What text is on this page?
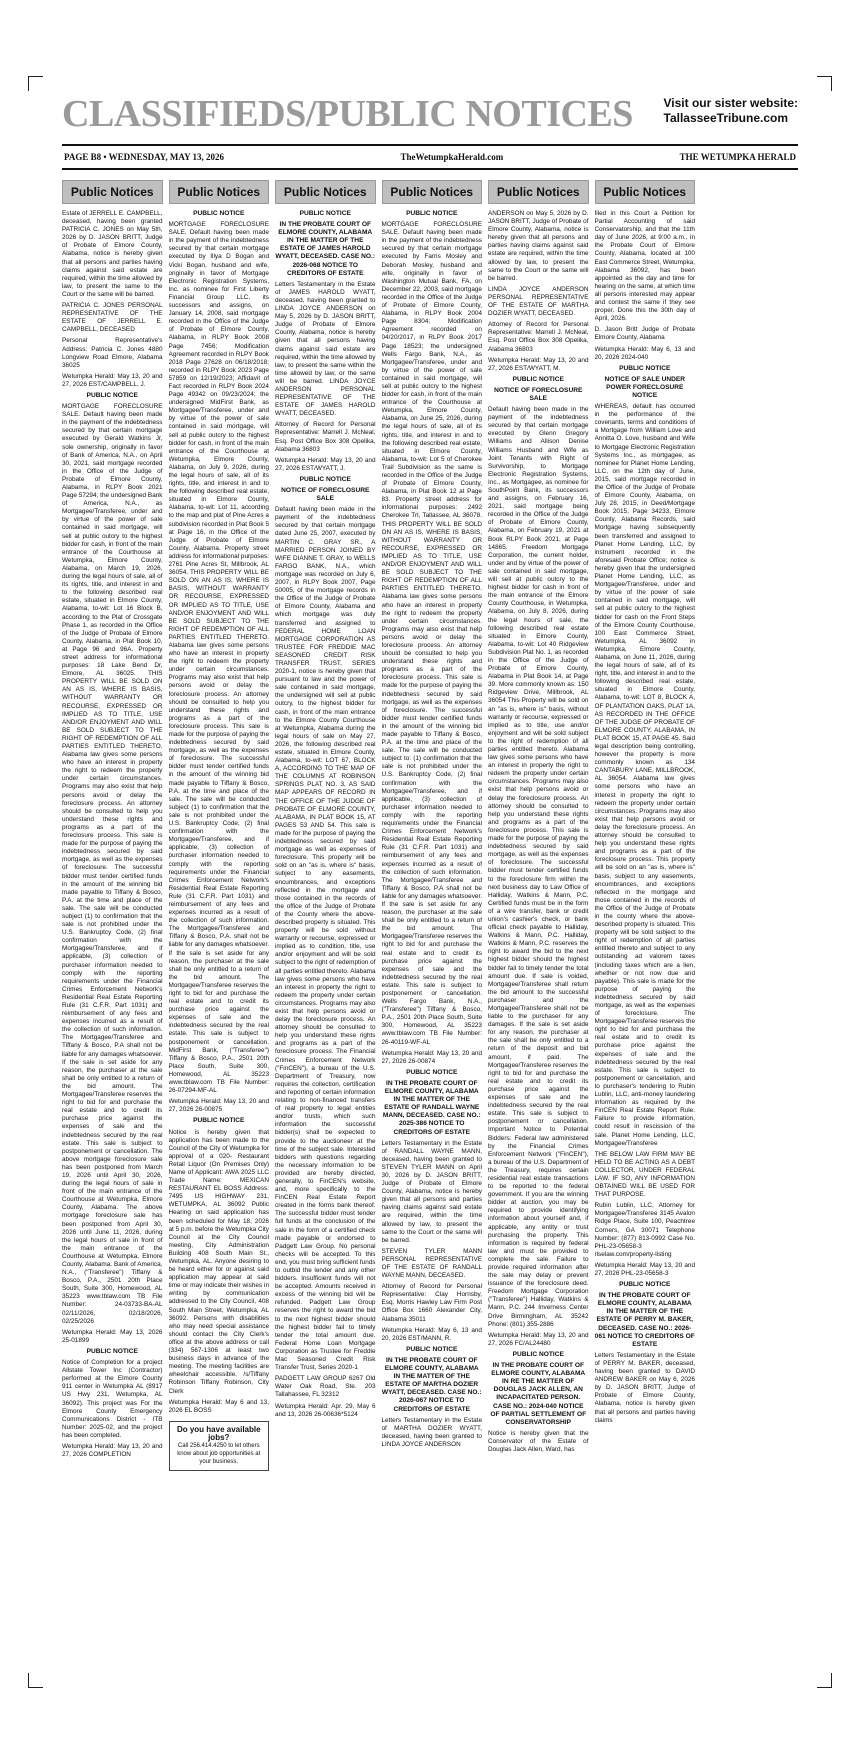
CLASSIFIEDS/PUBLIC NOTICES	Visit our sister website:
TallasseeTribune.com
PAGE B8 • WEDNESDAY, MAY 13, 2026	TheWetumpkaHerald.com	THE WETUMPKA HERALD
Public Notices

Estate of JERRELL E. CAMPBELL, deceased, having been granted PATRICIA C. JONES on May 5th, 2026 by D. JASON BRITT, Judge of Probate of Elmore County, Alabama, notice is hereby given that all persons and parties having claims against said estate are required, within the time allowed by law, to present the same to the Court or the same will be barred.

PATRICIA C. JONES PERSONAL REPRESENTATIVE OF THE ESTATE OF JERRELL E. CAMPBELL, DECEASED

Personal Representative's Address: Patricia C. Jones 4880 Longview Road Elmore, Alabama 36025

Wetumpka Herald: May 13, 20 and 27, 2026 EST/CAMPBELL, J.

PUBLIC NOTICE

MORTGAGE FORECLOSURE SALE. Default having been made in the payment of the indebtedness secured by that certain mortgage executed by Gerald Watkins Jr, sole ownership, originally in favor of Bank of America, N.A., on April 30, 2021, said mortgage recorded in the Office of the Judge of Probate of Elmore County, Alabama, in RLPY Book 2021 Page 57294; the undersigned Bank of America, N.A., as Mortgagee/Transferee, under and by virtue of the power of sale contained in said mortgage, will sell at public outcry to the highest bidder for cash, in front of the main entrance of the Courthouse at Wetumpka, Elmore County, Alabama, on March 19, 2026, during the legal hours of sale, all of its rights, title, and interest in and to the following described real estate, situated in Elmore County, Alabama, to-wit: Lot 16 Block B, according to the Plat of Crossgate Phase 1, as recorded in the Office of the Judge of Probate of Elmore County, Alabama, in Plat Book 10, at Page 96 and 96A. Property street address for informational purposes: 18 Lake Bend Dr, Elmore, AL 36025. THIS PROPERTY WILL BE SOLD ON AN AS IS, WHERE IS BASIS, WITHOUT WARRANTY OR RECOURSE, EXPRESSED OR IMPLIED AS TO TITLE, USE AND/OR ENJOYMENT AND WILL BE SOLD SUBJECT TO THE RIGHT OF REDEMPTION OF ALL PARTIES ENTITLED THERETO. Alabama law gives some persons who have an interest in property the right to redeem the property under certain circumstances. Programs may also exist that help persons avoid or delay the foreclosure process. An attorney should be consulted to help you understand these rights and programs as a part of the foreclosure process. This sale is made for the purpose of paying the indebtedness secured by said mortgage, as well as the expenses of foreclosure. The successful bidder must tender certified funds in the amount of the winning bid made payable to Tiffany & Bosco, P.A. at the time and place of the sale. The sale will be conducted subject (1) to confirmation that the sale is not prohibited under the U.S. Bankruptcy Code, (2) final confirmation with the Mortgagee/Transferee, and if applicable, (3) collection of purchaser information needed to comply with the reporting requirements under the Financial Crimes Enforcement Network's Residential Real Estate Reporting Rule (31 C.F.R. Part 1031) and reimbursement of any fees and expenses incurred as a result of the collection of such information. The Mortgagee/Transferee and Tiffany & Bosco, P.A shall not be liable for any damages whatsoever. If the sale is set aside for any reason, the purchaser at the sale shall be only entitled to a return of the bid amount. The Mortgagee/Transferee reserves the right to bid for and purchase the real estate and to credit its purchase price against the expenses of sale and the indebtedness secured by the real estate. This sale is subject to postponement or cancellation. The above mortgage foreclosure sale has been postponed from March 19, 2026 until April 30, 2026, during the legal hours of sale in front of the main entrance of the Courthouse at Wetumpka, Elmore County, Alabama. The above mortgage foreclosure sale has been postponed from April 30, 2026 until June 11, 2026, during the legal hours of sale in front of the main entrance of the Courthouse at Wetumpka, Elmore County, Alabama. Bank of America, N.A., ("Transferee") Tiffany & Bosco, P.A., 2501 20th Place South, Suite 300, Homewood, AL 35223 www.tblaw.com TB File Number: 24-03733-BA-AL 02/11/2026, 02/18/2026, 02/25/2026

Wetumpka Herald: May 13, 2026 25-01899

PUBLIC NOTICE

Notice of Completion for a project Allstate Tower Inc (Contractor) performed at the Elmore County 911 center in Wetumpka AL (8917 US Hwy 231, Wetumpka, AL 36092). This project was For the Elmore County Emergency Communications District - ITB Number: 2025-02, and the project has been completed.

Wetumpka Herald: May 13, 20 and 27, 2026 COMPLETION

Public Notices
PUBLIC NOTICE

MORTGAGE FORECLOSURE SALE. Default having been made in the payment of the indebtedness secured by that certain mortgage executed by Illya D Bogan and Vicki Bogan, husband and wife, originally in favor of Mortgage Electronic Registration Systems, Inc. as nominee for First Liberty Financial Group LLC, its successors and assigns, on January 14, 2008, said mortgage recorded in the Office of the Judge of Probate of Elmore County, Alabama, in RLPY Book 2008 Page 7456; Modification Agreement recorded in RLPY Book 2018 Page 27628 on 06/18/2018; recorded in RLPY Book 2023 Page 57859 on 12/19/2023; Affidavit of Fact recorded in RLPY Book 2024 Page 49342 on 09/23/2024; the undersigned MidFirst Bank, as Mortgagee/Transferee, under and by virtue of the power of sale contained in said mortgage, will sell at public outcry to the highest bidder for cash, in front of the main entrance of the Courthouse at Wetumpka, Elmore County, Alabama, on July 9, 2026, during the legal hours of sale, all of its rights, title, and interest in and to the following described real estate, situated in Elmore County, Alabama, to-wit: Lot 11, according to the map and plat of Pine Acres a subdivision recorded in Plat Book 5 at Page 16, in the Office of the Judge of Probate of Elmore County, Alabama. Property street address for informational purposes: 2761 Pine Acres St, Millbrook, AL 36054. THIS PROPERTY WILL BE SOLD ON AN AS IS, WHERE IS BASIS, WITHOUT WARRANTY OR RECOURSE, EXPRESSED OR IMPLIED AS TO TITLE, USE AND/OR ENJOYMENT AND WILL BE SOLD SUBJECT TO THE RIGHT OF REDEMPTION OF ALL PARTIES ENTITLED THERETO. Alabama law gives some persons who have an interest in property the right to redeem the property under certain circumstances. Programs may also exist that help persons avoid or delay the foreclosure process. An attorney should be consulted to help you understand these rights and programs as a part of the foreclosure process. This sale is made for the purpose of paying the indebtedness secured by said mortgage, as well as the expenses of foreclosure. The successful bidder must tender certified funds in the amount of the winning bid made payable to Tiffany & Bosco, P.A. at the time and place of the sale. The sale will be conducted subject (1) to confirmation that the sale is not prohibited under the U.S. Bankruptcy Code, (2) final confirmation with the Mortgagee/Transferee, and if applicable, (3) collection of purchaser information needed to comply with the reporting requirements under the Financial Crimes Enforcement Network's Residential Real Estate Reporting Rule (31 C.F.R. Part 1031) and reimbursement of any fees and expenses incurred as a result of the collection of such information. The Mortgagee/Transferee and Tiffany & Bosco, P.A. shall not be liable for any damages whatsoever. If the sale is set aside for any reason, the purchaser at the sale shall be only entitled to a return of the bid amount. The Mortgagee/Transferee reserves the right to bid for and purchase the real estate and to credit its purchase price against the expenses of sale and the indebtedness secured by the real estate. This sale is subject to postponement or cancellation. MidFirst Bank, ("Transferee") Tiffany & Bosco, P.A., 2501 20th Place South, Suite 300, Homewood, AL 35223 www.tblaw.com TB File Number: 26-07294-MF-AL

Wetumpka Herald: May 13, 20 and 27, 2026 26-00875

PUBLIC NOTICE

Notice is hereby given that application has been made to the Council of the City of Wetumpka for approval of a 020- Restaurant Retail Liquor (On Premises Only) Name of Applicant: AWA 2025 LLC Trade Name: MEXICAN RESTAURANT EL BOSS Address: 7495 US HIGHWAY 231, WETUMPKA, AL 36092 Public Hearing on said application has been scheduled for May 18, 2026 at 5 p.m. before the Wetumpka City Council at the City Council meeting, City Administration Building 408 South Main St., Wetumpka, AL. Anyone desiring to be heard either for or against said application may appear at said time or may indicate their wishes in writing by communication addressed to the City Council, 408 South Main Street, Wetumpka, AL 36092. Persons with disabilities who may need special assistance should contact the City Clerk's office at the above address or call (334) 567-1306 at least two business days in advance of the meeting. The meeting facilities are wheelchair accessible. /s/Tiffany Robinson Tiffany Robinson, City Clerk

Wetumpka Herald: May 6 and 13, 2026 EL BOSS

Do you have available jobs?
Call 256.414.4250 to let others know about job opportunities at your business.
Public Notices
PUBLIC NOTICE
IN THE PROBATE COURT OF ELMORE COUNTY, ALABAMA IN THE MATTER OF THE ESTATE OF JAMES HAROLD WYATT, DECEASED. CASE NO.: 2026-068 NOTICE TO CREDITORS OF ESTATE

Letters Testamentary in the Estate of JAMES HAROLD WYATT, deceased, having been granted to LINDA JOYCE ANDERSON on May 5, 2026 by D. JASON BRITT, Judge of Probate of Elmore County, Alabama, notice is hereby given that all persons having claims against said estate are required, within the time allowed by law, to present the same within the time allowed by law, or the same will be barred. LINDA JOYCE ANDERSON PERSONAL REPRESENTATIVE OF THE ESTATE OF JAMES HAROLD WYATT, DECEASED.

Attorney of Record for Personal Representative: Marrell J. McNeal, Esq. Post Office Box 308 Opelika, Alabama 36803

Wetumpka Herald: May 13, 20 and 27, 2026 EST/WYATT, J.

PUBLIC NOTICE
NOTICE OF FORECLOSURE SALE

Default having been made in the payment of the indebtedness secured by that certain mortgage dated June 25, 2007, executed by MARTIN C. GRAY SR., A MARRIED PERSON JOINED BY WIFE DIANNE T. GRAY, to WELLS FARGO BANK, N.A., which mortgage was recorded on July 6, 2007, in RLPY Book 2007, Page 50005, of the mortgage records in the Office of the Judge of Probate of Elmore County, Alabama and which mortgage was duly transferred and assigned to FEDERAL HOME LOAN MORTGAGE CORPORATION AS TRUSTEE FOR FREDDIE MAC SEASONED CREDIT RISK TRANSFER TRUST, SERIES 2020-1, notice is hereby given that pursuant to law and the power of sale contained in said mortgage, the undersigned will sell at public outcry, to the highest bidder for cash, in front of the main entrance to the Elmore County Courthouse at Wetumpka, Alabama during the legal hours of sale on May 27, 2026, the following described real estate, situated in Elmore County, Alabama, to-wit: LOT 67, BLOCK A, ACCORDING TO THE MAP OF THE COLUMNS AT ROBINSON SPRINGS PLAT NO. 3, AS SAID MAP APPEARS OF RECORD IN THE OFFICE OF THE JUDGE OF PROBATE OF ELMORE COUNTY, ALABAMA, IN PLAT BOOK 15, AT PAGES 53 AND 54. This sale is made for the purpose of paying the indebtedness secured by said mortgage as well as expenses of foreclosure. This property will be sold on an "as is, where is" basis, subject to any easements, encumbrances, and exceptions reflected in the mortgage and those contained in the records of the office of the Judge of Probate of the County where the above-described property is situated. This property will be sold without warranty or recourse, expressed or implied as to condition, title, use and/or enjoyment and will be sold subject to the right of redemption of all parties entitled thereto. Alabama law gives some persons who have an interest in property the right to redeem the property under certain circumstances. Programs may also exist that help persons avoid or delay the foreclosure process. An attorney should be consulted to help you understand these rights and programs as a part of the foreclosure process. The Financial Crimes Enforcement Network ("FinCEN"), a bureau of the U.S. Department of Treasury, now requires the collection, certification and reporting of certain information relating to non-financed transfers of real property to legal entities and/or trusts, which such information the successful bidder(s) shall be expected to provide to the auctioneer at the time of the subject sale. Interested bidders with questions regarding the necessary information to be provided are hereby directed, generally, to FinCEN's website, and, more specifically to the FinCEN Real Estate Report created in the forms bank thereof. The successful bidder must tender full funds at the conclusion of the sale in the form of a certified check made payable or endorsed to Padgett Law Group. No personal checks will be accepted. To this end, you must bring sufficient funds to outbid the lender and any other bidders. Insufficient funds will not be accepted. Amounts received in excess of the winning bid will be refunded. Padgett Law Group reserves the right to award the bid to the next highest bidder should the highest bidder fail to timely tender the total amount due. Federal Home Loan Mortgage Corporation as Trustee for Freddie Mac Seasoned Credit Risk Transfer Trust, Series 2020-1

PADGETT LAW GROUP 6267 Old Water Oak Road, Ste. 203 Tallahassee, FL 32312

Wetumpka Herald: Apr. 29, May 6 and 13, 2026 26-00636*5124

Public Notices
PUBLIC NOTICE

MORTGAGE FORECLOSURE SALE. Default having been made in the payment of the indebtedness secured by that certain mortgage executed by Farris Mosley and Deborah Mosley, husband and wife, originally in favor of Washington Mutual Bank, FA, on December 22, 2003, said mortgage recorded in the Office of the Judge of Probate of Elmore County, Alabama, in RLPY Book 2004 Page 8304; Modification Agreement recorded on 04/20/2017, in RLPY Book 2017 Page 18523; the undersigned Wells Fargo Bank, N.A., as Mortgagee/Transferee, under and by virtue of the power of sale contained in said mortgage, will sell at public outcry to the highest bidder for cash, in front of the main entrance of the Courthouse at Wetumpka, Elmore County, Alabama, on June 25, 2026, during the legal hours of sale, all of its rights, title, and interest in and to the following described real estate, situated in Elmore County, Alabama, to-wit: Lot 5 of Cherokee Trail Subdivision as the same is recorded in the Office of the Judge of Probate of Elmore County, Alabama, in Plat Book 12 at Page 83. Property street address for informational purposes: 2492 Cherokee Trl, Tallassee, AL 36078. THIS PROPERTY WILL BE SOLD ON AN AS IS, WHERE IS BASIS, WITHOUT WARRANTY OR RECOURSE, EXPRESSED OR IMPLIED AS TO TITLE, USE AND/OR ENJOYMENT AND WILL BE SOLD SUBJECT TO THE RIGHT OF REDEMPTION OF ALL PARTIES ENTITLED THERETO. Alabama law gives some persons who have an interest in property the right to redeem the property under certain circumstances. Programs may also exist that help persons avoid or delay the foreclosure process. An attorney should be consulted to help you understand these rights and programs as a part of the foreclosure process. This sale is made for the purpose of paying the indebtedness secured by said mortgage, as well as the expenses of foreclosure. The successful bidder must tender certified funds in the amount of the winning bid made payable to Tiffany & Bosco, P.A. at the time and place of the sale. The sale will be conducted subject to: (1) confirmation that the sale is not prohibited under the U.S. Bankruptcy Code, (2) final confirmation with the Mortgagee/Transferee, and if applicable, (3) collection of purchaser information needed to comply with the reporting requirements under the Financial Crimes Enforcement Network's Residential Real Estate Reporting Rule (31 C.F.R. Part 1031) and reimbursement of any fees and expenses incurred as a result of the collection of such information. The Mortgagee/Transferee and Tiffany & Bosco, P.A shall not be liable for any damages whatsoever. If the sale is set aside for any reason, the purchaser at the sale shall be only entitled to a return of the bid amount. The Mortgagee/Transferee reserves the right to bid for and purchase the real estate and to credit its purchase price against the expenses of sale and the indebtedness secured by the real estate. This sale is subject to postponement or cancellation. Wells Fargo Bank, N.A., ("Transferee") Tiffany & Bosco, P.A., 2501 20th Place South, Suite 300, Homewood, AL 35223 www.tblaw.com TB File Number: 26-40119-WF-AL

Wetumpka Herald: May 13, 20 and 27, 2026 26-00874

PUBLIC NOTICE
IN THE PROBATE COURT OF ELMORE COUNTY, ALABAMA IN THE MATTER OF THE ESTATE OF RANDALL WAYNE MANN, DECEASED. CASE NO.: 2025-386 NOTICE TO CREDITORS OF ESTATE

Letters Testamentary in the Estate of RANDALL WAYNE MANN, deceased, having been granted to STEVEN TYLER MANN on April 30, 2026 by D. JASON BRITT, Judge of Probate of Elmore County, Alabama, notice is hereby given that all persons and parties having claims against said estate are required, within the time allowed by law, to present the same to the Court or the same will be barred.

STEVEN TYLER MANN PERSONAL REPRESENTATIVE OF THE ESTATE OF RANDALL WAYNE MANN, DECEASED.

Attorney of Record for Personal Representative: Clay Hornsby, Esq. Morris Hawley Law Firm Post Office Box 1660 Alexander City, Alabama 35011

Wetumpka Herald: May 6, 13 and 20, 2026 EST/MANN, R.

PUBLIC NOTICE
IN THE PROBATE COURT OF ELMORE COUNTY, ALABAMA IN THE MATTER OF THE ESTATE OF MARTHA DOZIER WYATT, DECEASED. CASE NO.: 2026-067 NOTICE TO CREDITORS OF ESTATE

Letters Testamentary in the Estate of MARTHA DOZIER WYATT, deceased, having been granted to LINDA JOYCE ANDERSON

Public Notices

ANDERSON on May 5, 2026 by D. JASON BRITT, Judge of Probate of Elmore County, Alabama, notice is hereby given that all persons and parties having claims against said estate are required, within the time allowed by law, to present the same to the Court or the same will be barred.

LINDA JOYCE ANDERSON PERSONAL REPRESENTATIVE OF THE ESTATE OF MARTHA DOZIER WYATT, DECEASED.

Attorney of Record for Personal Representative: Marrell J. McNeal, Esq. Post Office Box 308 Opelika, Alabama 36803

Wetumpka Herald: May 13, 20 and 27, 2026 EST/WYATT, M.

PUBLIC NOTICE
NOTICE OF FORECLOSURE SALE

Default having been made in the payment of the indebtedness secured by that certain mortgage executed by Glenn Gregory Williams and Allison Denise Williams Husband and Wife as Joint Tenants with Right of Survivorship, to Mortgage Electronic Registration Systems, Inc., as Mortgagee, as nominee for SouthPoint Bank, its successors and assigns, on February 16, 2021, said mortgage being recorded in the Office of the Judge of Probate of Elmore County, Alabama, on February 19, 2021 at Book RLPY Book 2021, at Page 14865. Freedom Mortgage Corporation, the current holder, under and by virtue of the power of sale contained in said mortgage, will sell at public outcry to the highest bidder for cash in front of the main entrance of the Elmore County Courthouse, in Wetumpka, Alabama, on July 8, 2026, during the legal hours of sale, the following described real estate situated in Elmore County, Alabama, to-wit: Lot 40 Ridgeview Subdivision Plat No. 1, as recorded in the Office of the Judge of Probate of Elmore County, Alabama in Plat Book 14, at Page 39. More commonly known as: 150 Ridgeview Drive, Millbrook, AL 36054 This Property will be sold on an "as is, where is" basis, without warranty or recourse, expressed or implied as to title, use and/or enjoyment and will be sold subject to the right of redemption of all parties entitled thereto. Alabama law gives some persons who have an interest in property the right to redeem the property under certain circumstances. Programs may also exist that help persons avoid or delay the foreclosure process. An attorney should be consulted to help you understand these rights and programs as a part of the foreclosure process. This sale is made for the purpose of paying the indebtedness secured by said mortgage, as well as the expenses of foreclosure. The successful bidder must tender certified funds to the foreclosure firm within the next business day to Law Office of Halliday, Watkins & Mann, P.C. Certified funds must be in the form of a wire transfer, bank or credit union's cashier's check, or bank official check payable to Halliday, Watkins & Mann, P.C. Halliday, Watkins & Mann, P.C. reserves the right to award the bid to the next highest bidder should the highest bidder fail to timely tender the total amount due. If sale is voided, Mortgagee/Transferee shall return the bid amount to the successful purchaser and the Mortgagee/Transferee shall not be liable to the purchaser for any damages. If the sale is set aside for any reason, the purchaser at the sale shall be only entitled to a return of the deposit and bid amount, if paid. The Mortgagee/Transferee reserves the right to bid for and purchase the real estate and to credit its purchase price against the expenses of sale and the indebtedness secured by the real estate. This sale is subject to postponement or cancellation. Important Notice to Potential Bidders: Federal law administered by the Financial Crimes Enforcement Network ("FinCEN"), a bureau of the U.S. Department of the Treasury, requires certain residential real estate transactions to be reported to the federal government. If you are the winning bidder at auction, you may be required to provide identifying information about yourself and, if applicable, any entity or trust purchasing the property. This information is required by federal law and must be provided to complete the sale. Failure to provide required information after the sale may delay or prevent issuance of the foreclosure deed. Freedom Mortgage Corporation ("Transferee") Halliday, Watkins & Mann, P.C. 244 Inverness Center Drive Birmingham, AL 35242 Phone: (801) 355-2886

Wetumpka Herald: May 13, 20 and 27, 2026 FC/AL24480

PUBLIC NOTICE
IN THE PROBATE COURT OF ELMORE COUNTY, ALABAMA IN RE THE MATTER OF DOUGLAS JACK ALLEN, AN INCAPACITATED PERSON. CASE NO.: 2024-040 NOTICE OF PARTIAL SETTLEMENT OF CONSERVATORSHIP

Notice is hereby given that the Conservator of the Estate of Douglas Jack Allen, Ward, has

Public Notices

filed in this Court a Petition for Partial Accounting of said Conservatorship, and that the 11th day of June 2026, at 9:00 a.m., in the Probate Court of Elmore County, Alabama, located at 100 East Commerce Street, Wetumpka, Alabama 36092, has been appointed as the day and time for hearing on the same, at which time all persons interested may appear and contest the same if they see proper. Done this the 30th day of April, 2026.

D. Jason Britt Judge of Probate Elmore County, Alabama

Wetumpka Herald: May 6, 13 and 20, 2026 2024-040

PUBLIC NOTICE
NOTICE OF SALE UNDER POWER FORECLOSURE NOTICE

WHEREAS, default has occurred in the performance of the covenants, terms and conditions of a Mortgage from William Love and Annitta O. Love, husband and Wife to Mortgage Electronic Registration Systems Inc., as mortgagee, as nominee for Planet Home Lending, LLC, on the 12th day of June, 2015, said mortgage recorded in the Office of the Judge of Probate of Elmore County, Alabama, on July 28, 2015, in Deed/Mortgage Book 2015, Page 34233, Elmore County, Alabama Records, said Mortgage having subsequently been transferred and assigned to Planet Home Lending, LLC, by instrument recorded in the aforesaid Probate Office; notice is hereby given that the undersigned Planet Home Lending, LLC, as Mortgagee/Transferee, under and by virtue of the power of sale contained in said mortgage, will sell at public outcry to the highest bidder for cash on the Front Steps of the Elmore County Courthouse, 100 East Commerce Street, Wetumpka, AL 36092 in Wetumpka, Elmore County, Alabama, on June 11, 2026, during the legal hours of sale, all of its right, title, and interest in and to the following described real estate, situated in Elmore County, Alabama, to-wit: LOT 8, BLOCK A, OF PLANTATION OAKS, PLAT 1A, AS RECORDED IN THE OFFICE OF THE JUDGE OF PROBATE OF ELMORE COUNTY, ALABAMA, IN PLAT BOOK 15, AT PAGE 45. Said legal description being controlling, however the property is more commonly known as 134 CANTABURY LANE, MILLBROOK, AL 36054. Alabama law gives some persons who have an interest in property the right to redeem the property under certain circumstances. Programs may also exist that help persons avoid or delay the foreclosure process. An attorney should be consulted to help you understand these rights and programs as a part of the foreclosure process. This property will be sold on an "as is, where is" basis, subject to any easements, encumbrances, and exceptions reflected in the mortgage and those contained in the records of the Office of the Judge of Probate in the county where the above-described property is situated. This property will be sold subject to the right of redemption of all parties entitled thereto and subject to any outstanding ad valorem taxes (including taxes which are a lien, whether or not now due and payable). This sale is made for the purpose of paying the indebtedness secured by said mortgage, as well as the expenses of foreclosure. The Mortgagee/Transferee reserves the right to bid for and purchase the real estate and to credit its purchase price against the expenses of sale and the indebtedness secured by the real estate. This sale is subject to postponement or cancellation, and to purchaser's tendering to Rubin Lublin, LLC, anti-money laundering information as required by the FinCEN Real Estate Report Rule. Failure to provide information, could result in rescission of the sale. Planet Home Lending, LLC, Mortgagee/Transferee

THE BELOW LAW FIRM MAY BE HELD TO BE ACTING AS A DEBT COLLECTOR, UNDER FEDERAL LAW. IF SO, ANY INFORMATION OBTAINED WILL BE USED FOR THAT PURPOSE.

Rubin Lublin, LLC, Attorney for Mortgagee/Transferee 3145 Avalon Ridge Place, Suite 100, Peachtree Corners, GA 30071 Telephone Number: (877) 813-0992 Case No. PHL-23-05658-3 rlselaw.com/property-listing

Wetumpka Herald: May 13, 20 and 27, 2026 PHL-23-05658-3

PUBLIC NOTICE
IN THE PROBATE COURT OF ELMORE COUNTY, ALABAMA IN THE MATTER OF THE ESTATE OF PERRY M. BAKER, DECEASED. CASE NO.: 2026-061 NOTICE TO CREDITORS OF ESTATE

Letters Testamentary in the Estate of PERRY M. BAKER, deceased, having been granted to DAVID ANDREW BAKER on May 6, 2026 by D. JASON BRITT, Judge of Probate of Elmore County, Alabama, notice is hereby given that all persons and parties having claims
